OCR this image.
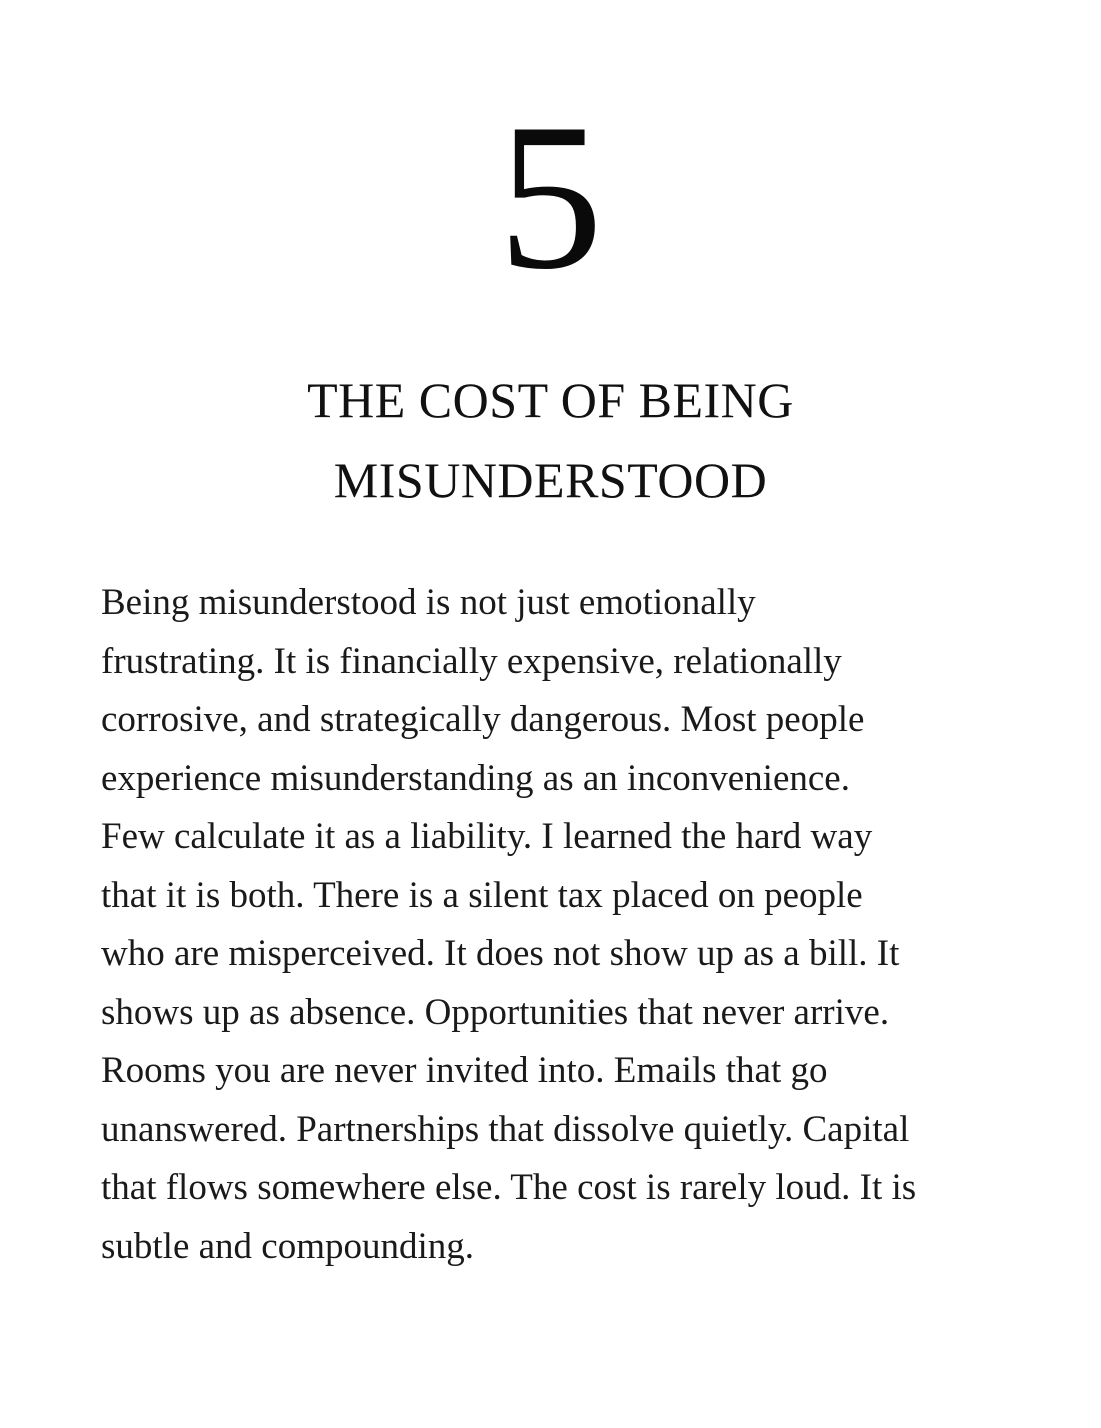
5
THE COST OF BEING
MISUNDERSTOOD
Being misunderstood is not just emotionally
frustrating. It is financially expensive, relationally
corrosive, and strategically dangerous. Most people
experience misunderstanding as an inconvenience.
Few calculate it as a liability. I learned the hard way
that it is both. There is a silent tax placed on people
who are misperceived. It does not show up as a bill. It
shows up as absence. Opportunities that never arrive.
Rooms you are never invited into. Emails that go
unanswered. Partnerships that dissolve quietly. Capital
that flows somewhere else. The cost is rarely loud. It is
subtle and compounding.
